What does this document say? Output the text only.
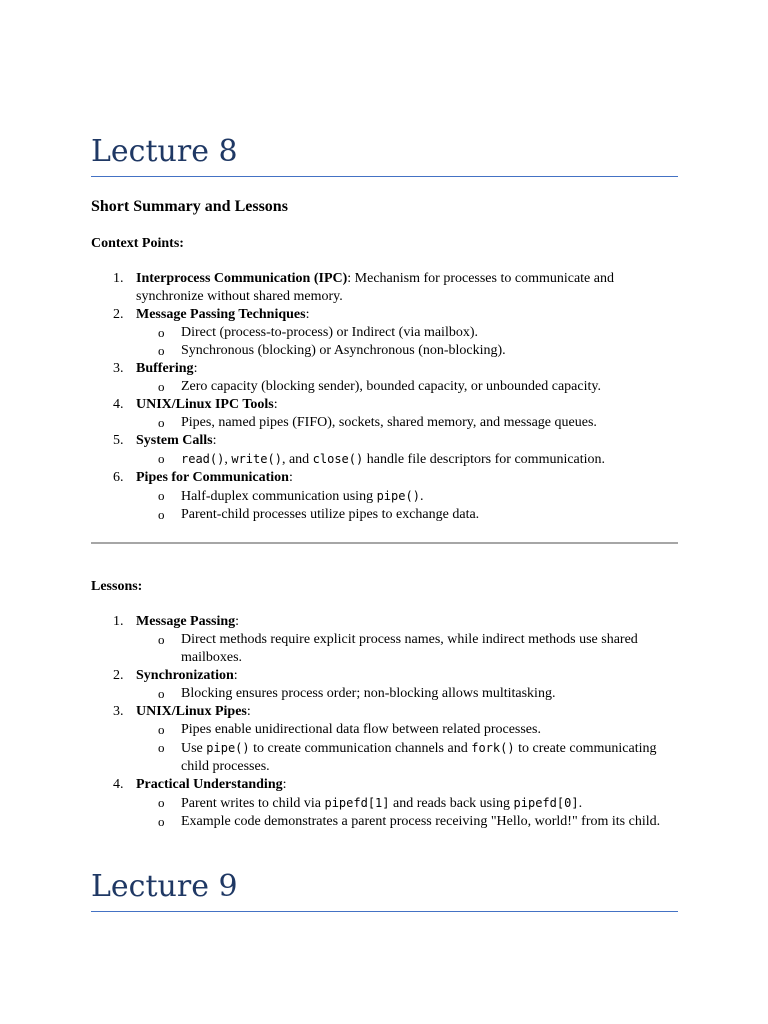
Lecture 8
Short Summary and Lessons
Context Points:
1. Interprocess Communication (IPC): Mechanism for processes to communicate and synchronize without shared memory.
2. Message Passing Techniques:
o Direct (process-to-process) or Indirect (via mailbox).
o Synchronous (blocking) or Asynchronous (non-blocking).
3. Buffering:
o Zero capacity (blocking sender), bounded capacity, or unbounded capacity.
4. UNIX/Linux IPC Tools:
o Pipes, named pipes (FIFO), sockets, shared memory, and message queues.
5. System Calls:
o read(), write(), and close() handle file descriptors for communication.
6. Pipes for Communication:
o Half-duplex communication using pipe().
o Parent-child processes utilize pipes to exchange data.
Lessons:
1. Message Passing:
o Direct methods require explicit process names, while indirect methods use shared mailboxes.
2. Synchronization:
o Blocking ensures process order; non-blocking allows multitasking.
3. UNIX/Linux Pipes:
o Pipes enable unidirectional data flow between related processes.
o Use pipe() to create communication channels and fork() to create communicating child processes.
4. Practical Understanding:
o Parent writes to child via pipefd[1] and reads back using pipefd[0].
o Example code demonstrates a parent process receiving "Hello, world!" from its child.
Lecture 9
